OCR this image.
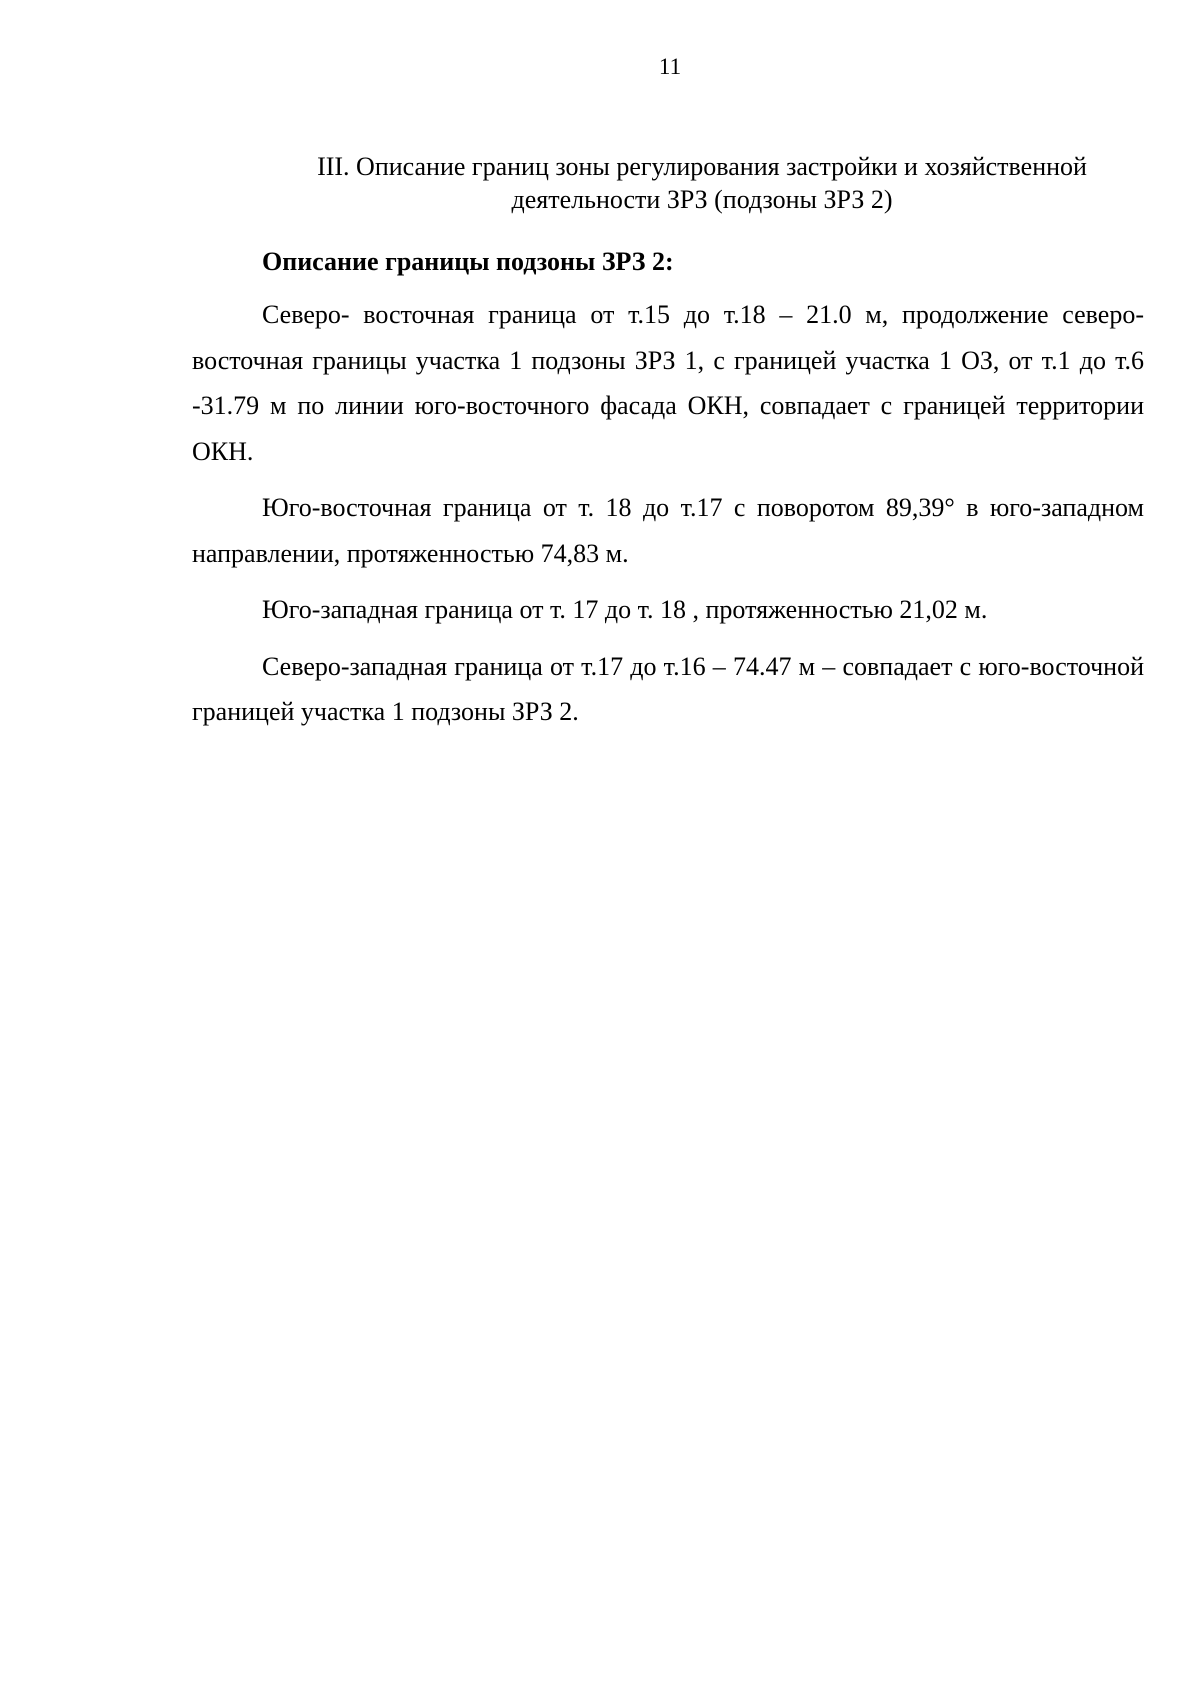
11
III. Описание границ зоны регулирования застройки и хозяйственной
деятельности ЗРЗ (подзоны ЗРЗ 2)
Описание границы подзоны ЗРЗ 2:

Северо- восточная граница от т.15 до т.18 – 21.0 м, продолжение северо- восточная границы участка 1 подзоны ЗРЗ 1, с границей участка 1 ОЗ, от т.1 до т.6 -31.79 м по линии юго-восточного фасада ОКН, совпадает с границей территории ОКН.

Юго-восточная граница от т. 18 до т.17 с поворотом 89,39° в юго-западном направлении, протяженностью 74,83 м.

Юго-западная граница от т. 17 до т. 18 , протяженностью 21,02 м.

Северо-западная граница от т.17 до т.16 – 74.47 м – совпадает с юго-восточной границей участка 1 подзоны ЗРЗ 2.
